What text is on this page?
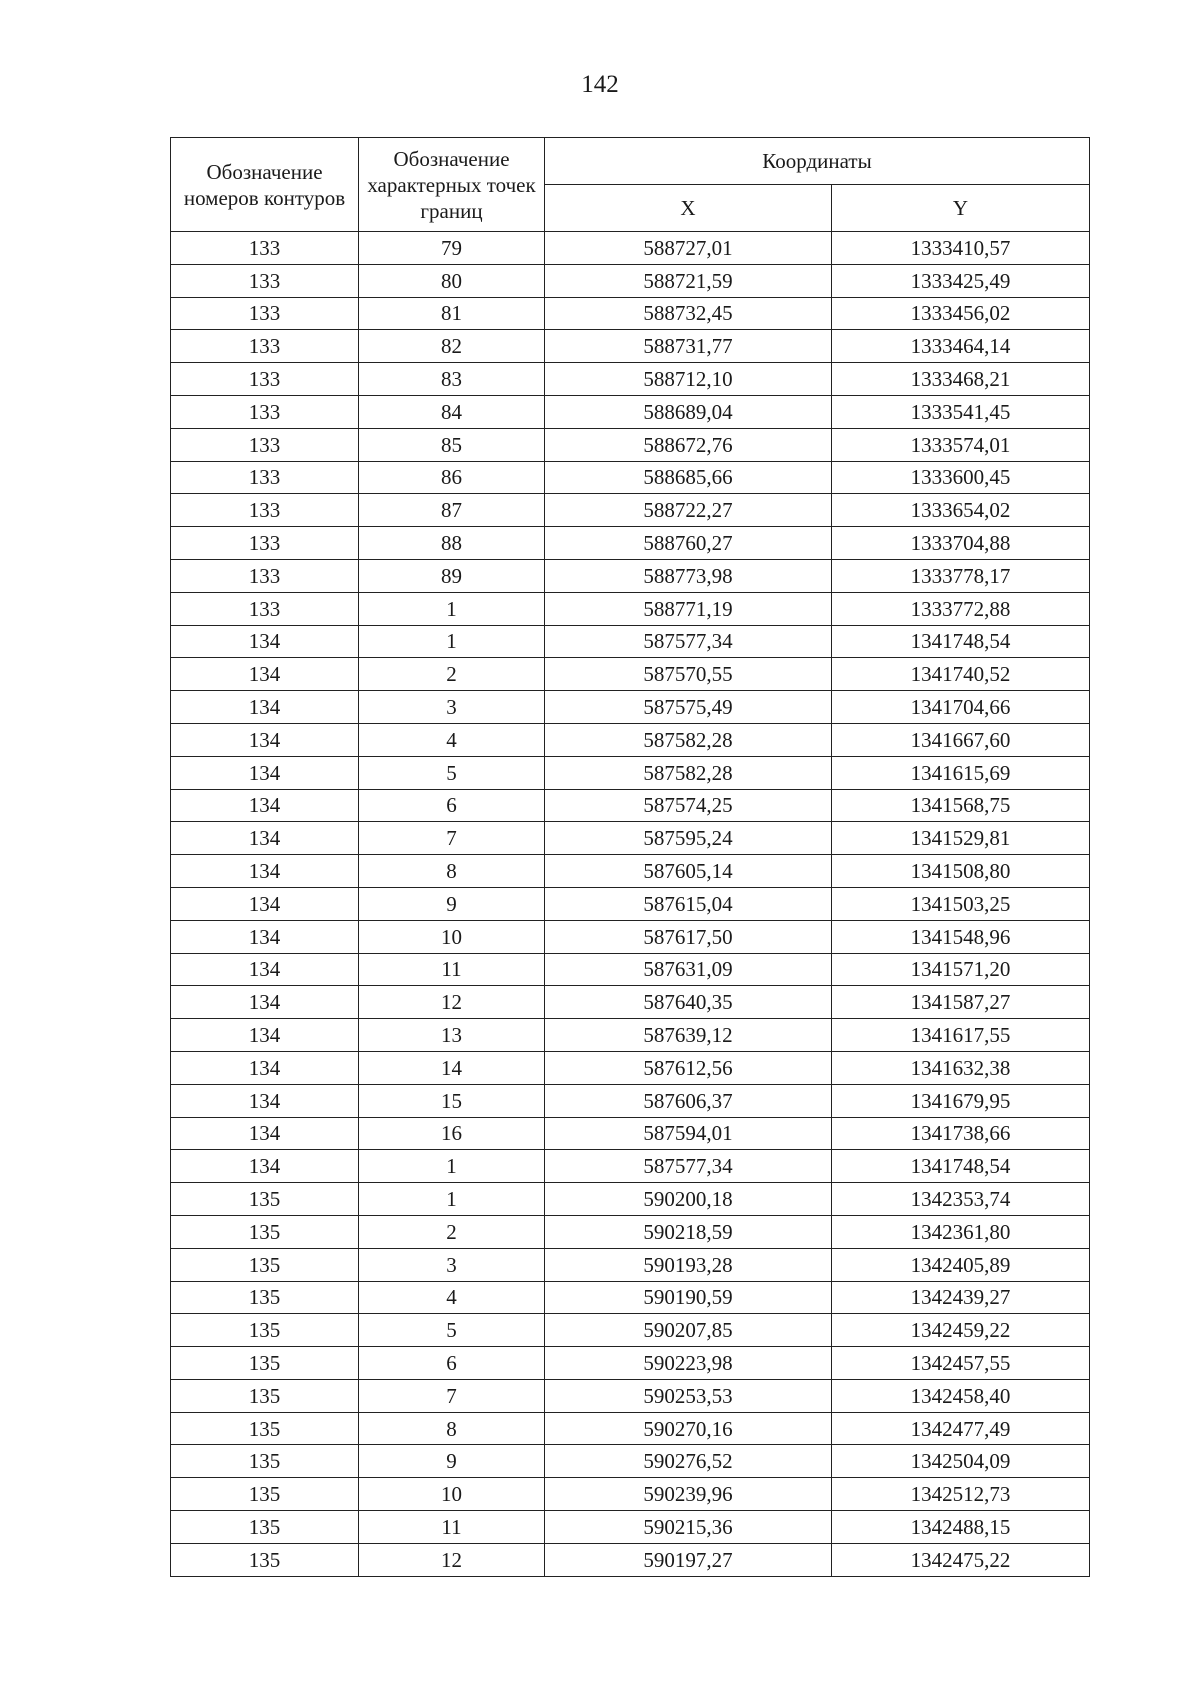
142
Обозначение номеров контуров	Обозначение характерных точек границ	Координаты	
		X	Y
133	79	588727,01	1333410,57
133	80	588721,59	1333425,49
133	81	588732,45	1333456,02
133	82	588731,77	1333464,14
133	83	588712,10	1333468,21
133	84	588689,04	1333541,45
133	85	588672,76	1333574,01
133	86	588685,66	1333600,45
133	87	588722,27	1333654,02
133	88	588760,27	1333704,88
133	89	588773,98	1333778,17
133	1	588771,19	1333772,88
134	1	587577,34	1341748,54
134	2	587570,55	1341740,52
134	3	587575,49	1341704,66
134	4	587582,28	1341667,60
134	5	587582,28	1341615,69
134	6	587574,25	1341568,75
134	7	587595,24	1341529,81
134	8	587605,14	1341508,80
134	9	587615,04	1341503,25
134	10	587617,50	1341548,96
134	11	587631,09	1341571,20
134	12	587640,35	1341587,27
134	13	587639,12	1341617,55
134	14	587612,56	1341632,38
134	15	587606,37	1341679,95
134	16	587594,01	1341738,66
134	1	587577,34	1341748,54
135	1	590200,18	1342353,74
135	2	590218,59	1342361,80
135	3	590193,28	1342405,89
135	4	590190,59	1342439,27
135	5	590207,85	1342459,22
135	6	590223,98	1342457,55
135	7	590253,53	1342458,40
135	8	590270,16	1342477,49
135	9	590276,52	1342504,09
135	10	590239,96	1342512,73
135	11	590215,36	1342488,15
135	12	590197,27	1342475,22
